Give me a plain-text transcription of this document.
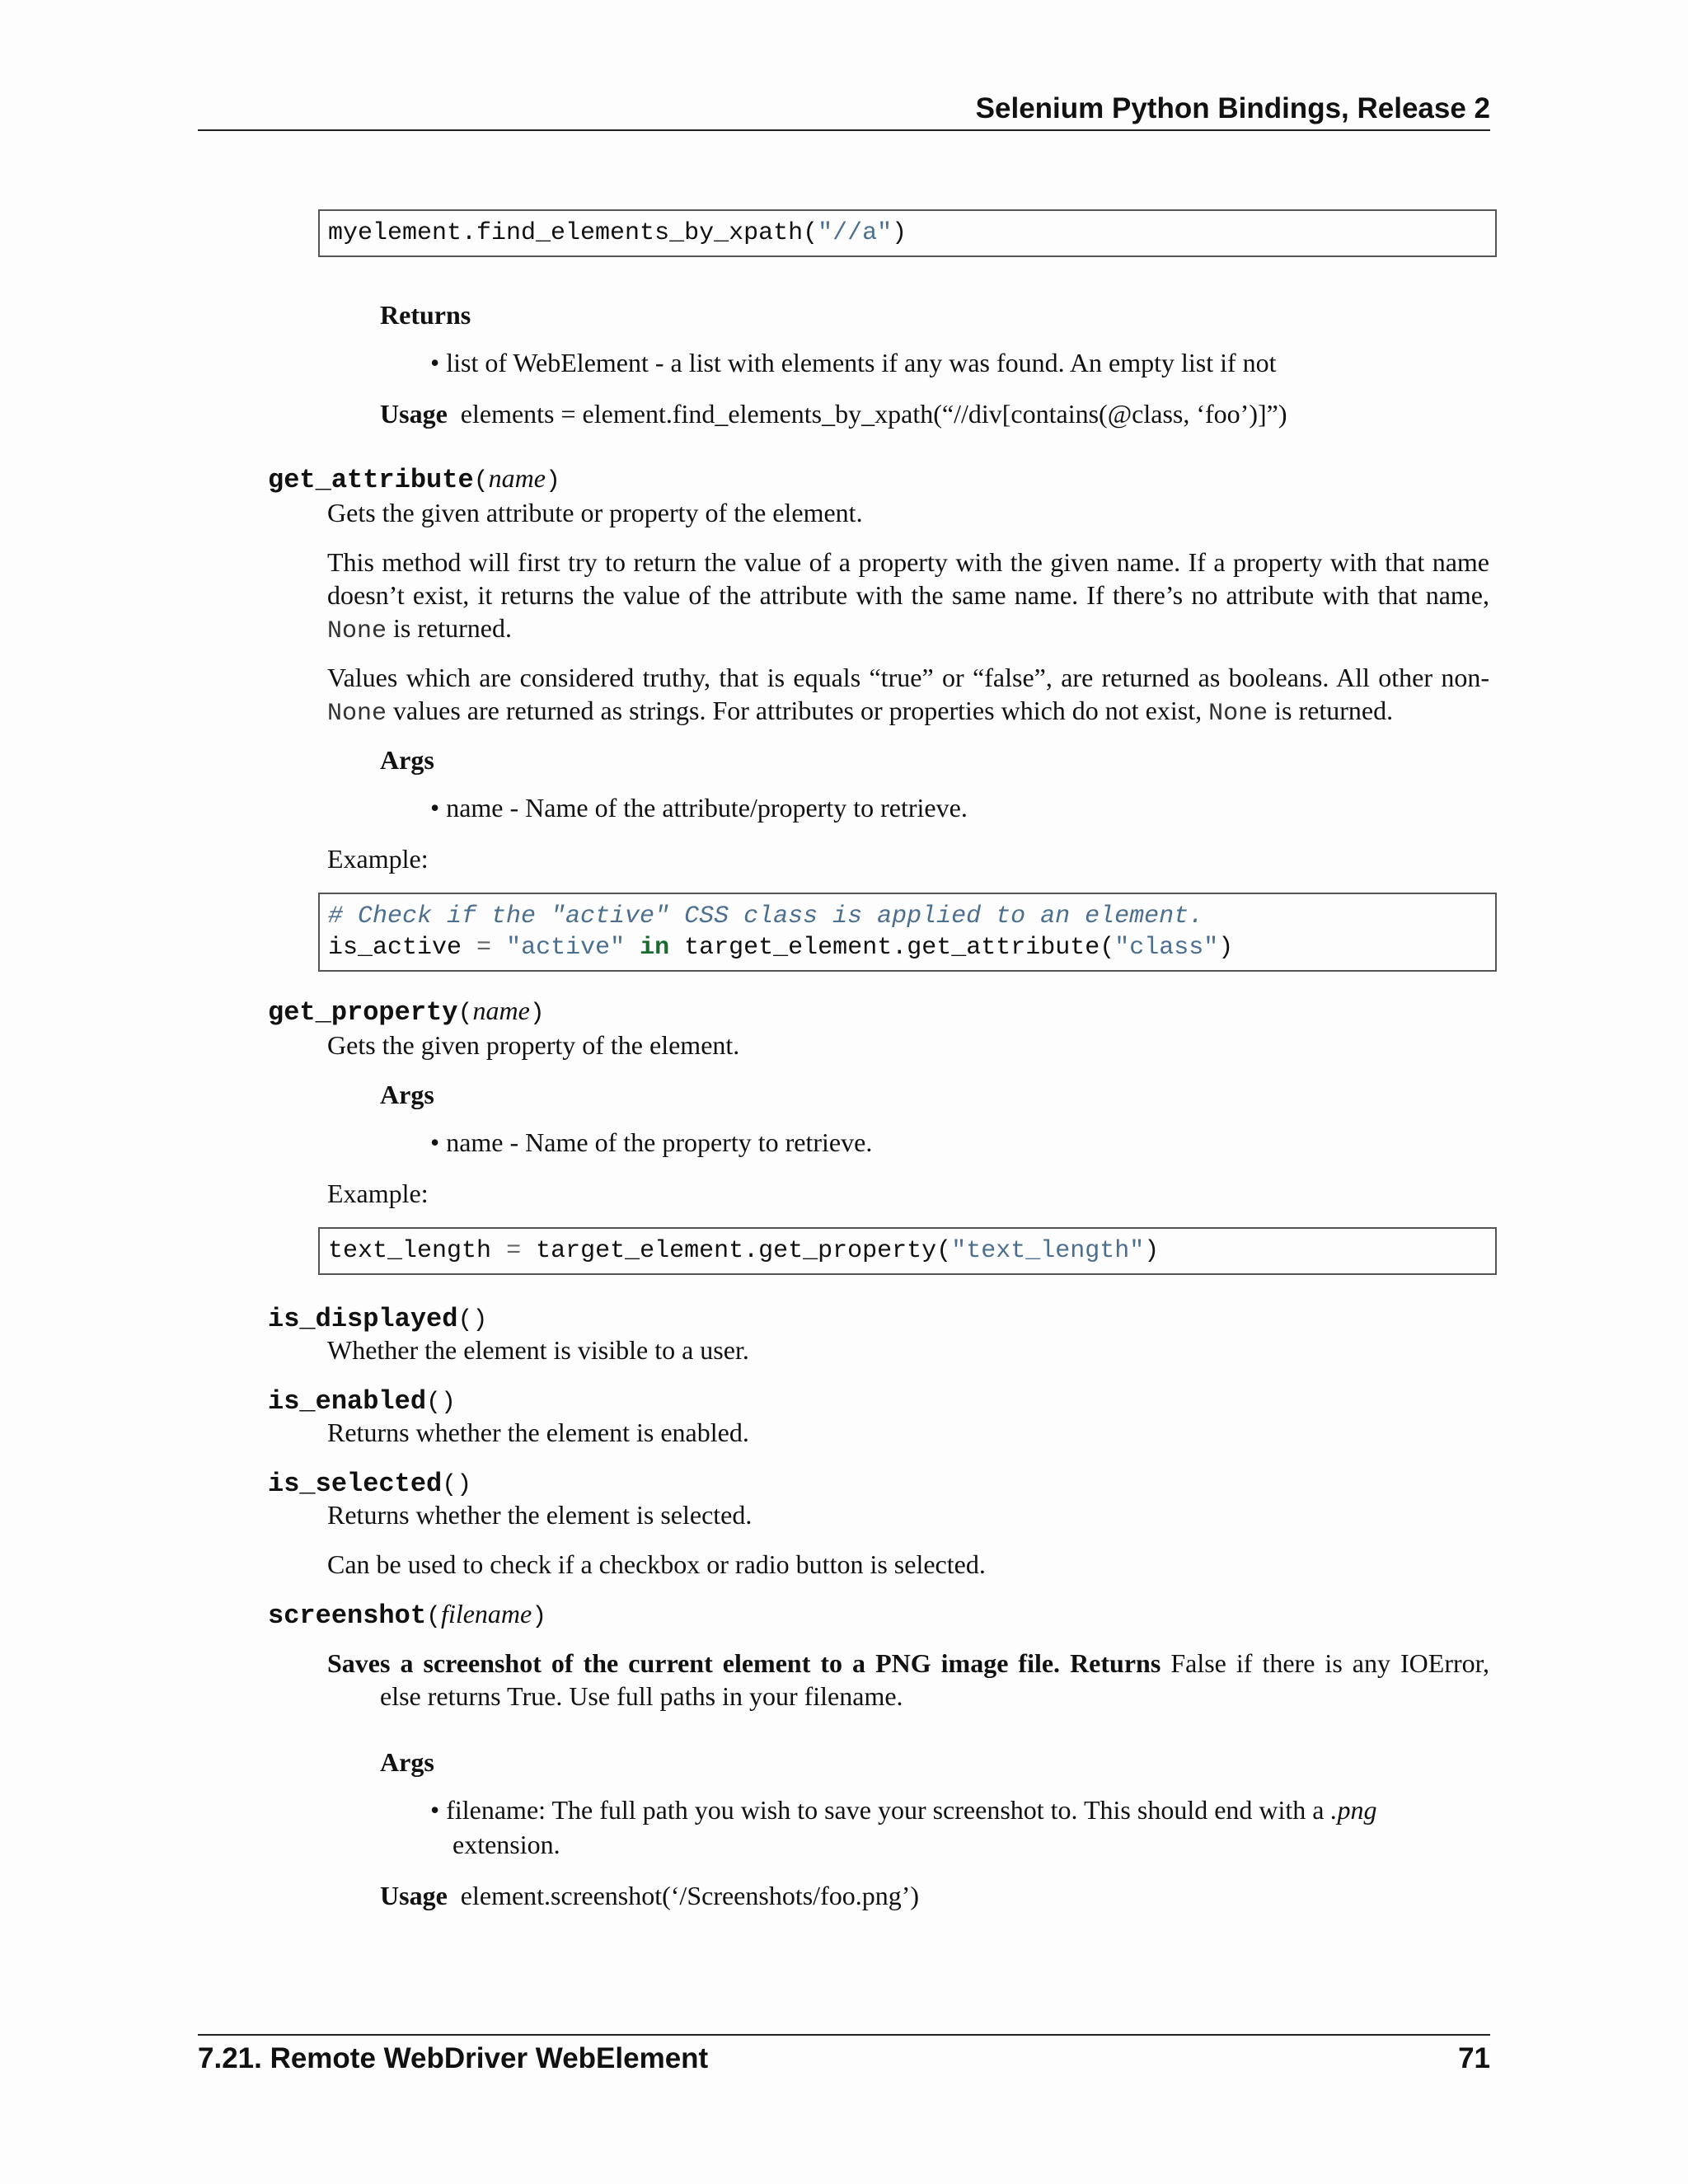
Selenium Python Bindings, Release 2
myelement.find_elements_by_xpath("//a")
Returns
• list of WebElement - a list with elements if any was found. An empty list if not
Usage elements = element.find_elements_by_xpath(“//div[contains(@class, ‘foo’)]”)
get_attribute(name)
Gets the given attribute or property of the element.
This method will first try to return the value of a property with the given name. If a property with that name doesn’t exist, it returns the value of the attribute with the same name. If there’s no attribute with that name, None is returned.
Values which are considered truthy, that is equals “true” or “false”, are returned as booleans. All other non-None values are returned as strings. For attributes or properties which do not exist, None is returned.
Args
• name - Name of the attribute/property to retrieve.
Example:
# Check if the "active" CSS class is applied to an element.
is_active = "active" in target_element.get_attribute("class")
get_property(name)
Gets the given property of the element.
Args
• name - Name of the property to retrieve.
Example:
text_length = target_element.get_property("text_length")
is_displayed()
Whether the element is visible to a user.
is_enabled()
Returns whether the element is enabled.
is_selected()
Returns whether the element is selected.
Can be used to check if a checkbox or radio button is selected.
screenshot(filename)
Saves a screenshot of the current element to a PNG image file. Returns False if there is any IOError,
else returns True. Use full paths in your filename.
Args
• filename: The full path you wish to save your screenshot to. This should end with a .png
extension.
Usage element.screenshot(‘/Screenshots/foo.png’)
7.21. Remote WebDriver WebElement	71
